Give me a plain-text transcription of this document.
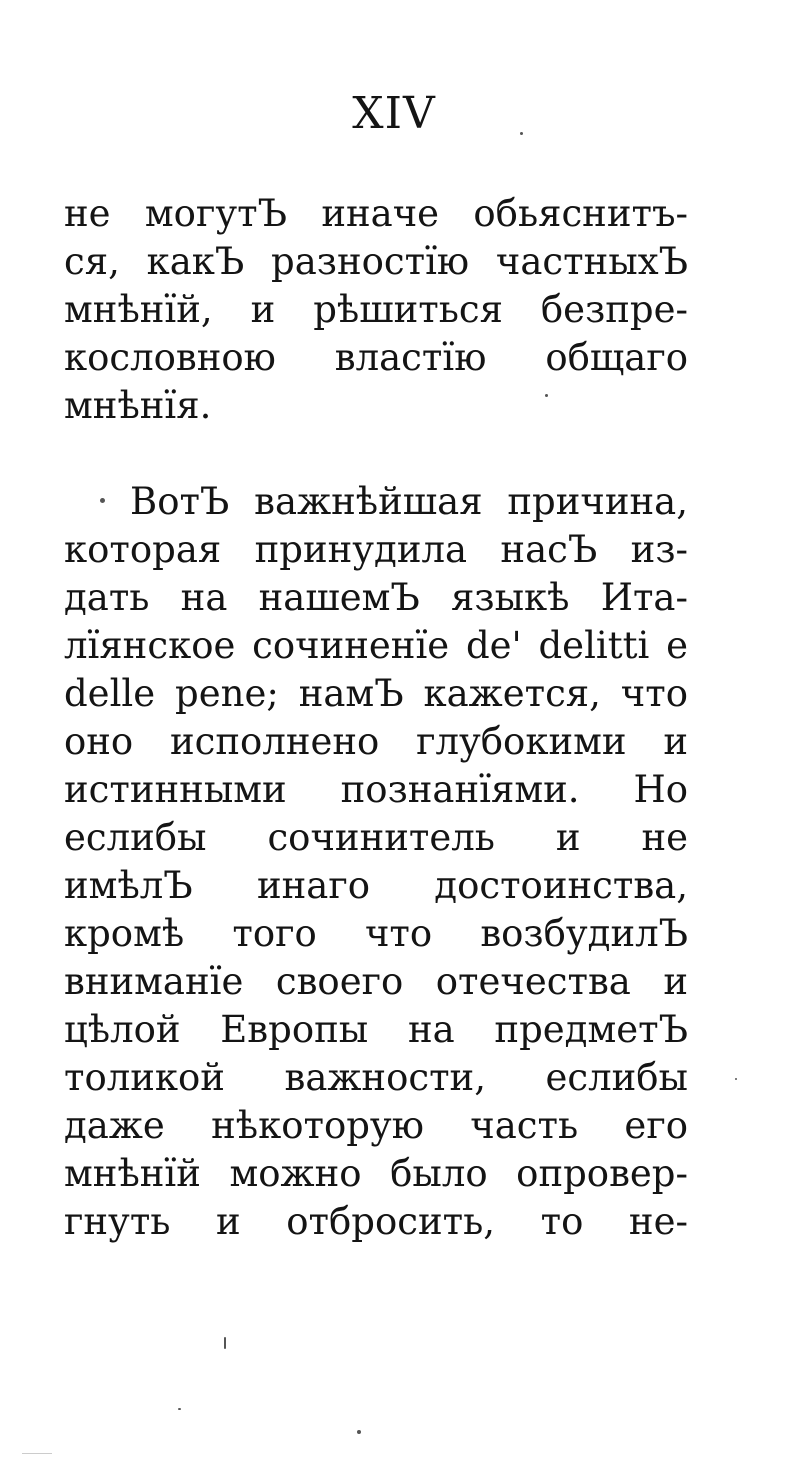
XIV
не могутЪ иначе обьяснитъ-
ся, какЪ разностїю частныхЪ
мнѣнїй, и рѣшиться безпре-
кословною властїю общаго
мнѣнїя.
ВотЪ важнѣйшая причина,
которая принудила насЪ из-
дать на нашемЪ языкѣ Ита-
лїянское сочиненїе de' delitti e
delle pene; намЪ кажется, что
оно исполнено глубокими и
истинными познанїями. Но
еслибы сочинитель и не
имѣлЪ инаго достоинства,
кромѣ того что возбудилЪ
вниманїе своего отечества и
цѣлой Европы на предметЪ
толикой важности, еслибы
даже нѣкоторую часть его
мнѣнїй можно было опровер-
гнуть и отбросить, то не-
